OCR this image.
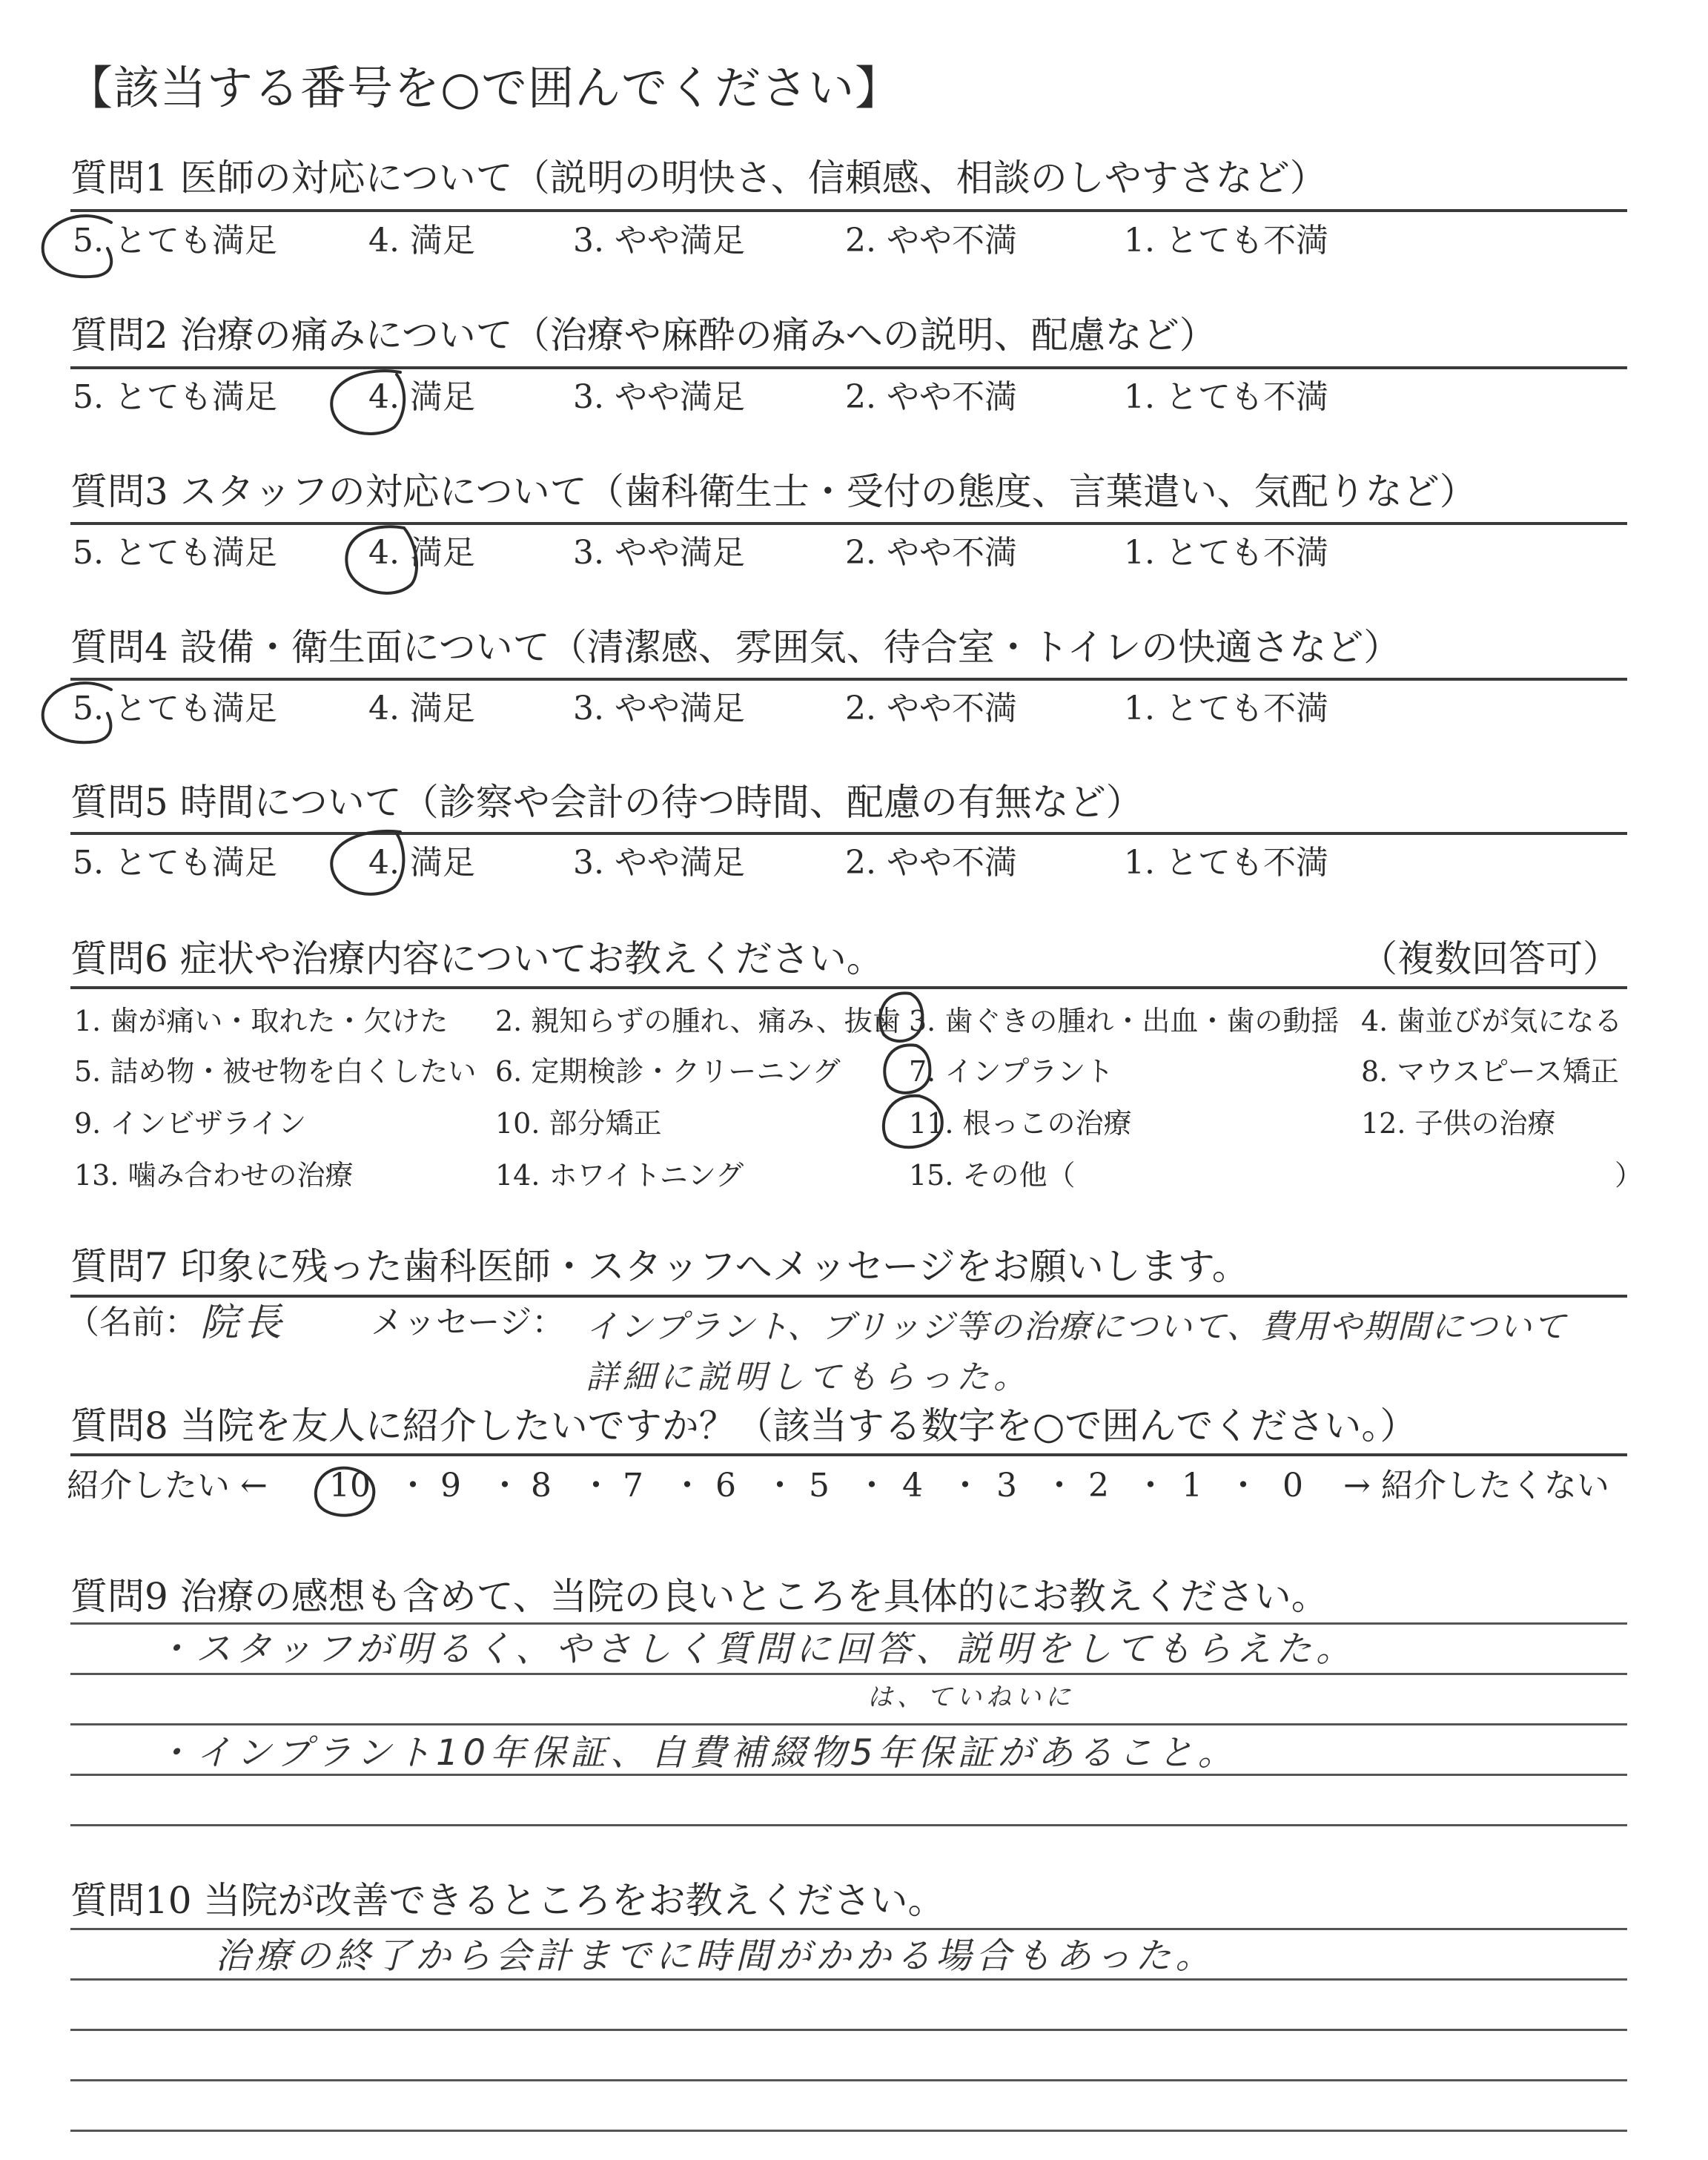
【該当する番号を○で囲んでください】
質問1 医師の対応について（説明の明快さ、信頼感、相談のしやすさなど）
5. とても満足	4. 満足	3. やや満足	2. やや不満	1. とても不満
質問2 治療の痛みについて（治療や麻酔の痛みへの説明、配慮など）
5. とても満足	4. 満足	3. やや満足	2. やや不満	1. とても不満
質問3 スタッフの対応について（歯科衛生士・受付の態度、言葉遣い、気配りなど）
5. とても満足	4. 満足	3. やや満足	2. やや不満	1. とても不満
質問4 設備・衛生面について（清潔感、雰囲気、待合室・トイレの快適さなど）
5. とても満足	4. 満足	3. やや満足	2. やや不満	1. とても不満
質問5 時間について（診察や会計の待つ時間、配慮の有無など）
5. とても満足	4. 満足	3. やや満足	2. やや不満	1. とても不満
質問6 症状や治療内容についてお教えください。	（複数回答可）
1. 歯が痛い・取れた・欠けた 2. 親知らずの腫れ、痛み、抜歯 3. 歯ぐきの腫れ・出血・歯の動揺 4. 歯並びが気になる
5. 詰め物・被せ物を白くしたい 6. 定期検診・クリーニング 7. インプラント	8. マウスピース矯正
9. インビザライン	10. 部分矯正	11. 根っこの治療	12. 子供の治療
13. 噛み合わせの治療	14. ホワイトニング	15. その他（	）
質問7 印象に残った歯科医師・スタッフへメッセージをお願いします。
（名前： 院長	メッセージ： インプラント、ブリッジ等の治療について、費用や期間について
詳細に説明してもらった。
質問8 当院を友人に紹介したいですか？（該当する数字を○で囲んでください。）
紹介したい ← 10 ・ 9 ・ 8 ・ 7 ・ 6 ・ 5 ・ 4 ・ 3 ・ 2 ・ 1 ・ 0 → 紹介したくない
質問9 治療の感想も含めて、当院の良いところを具体的にお教えください。
・スタッフが明るく、やさしく質問に回答、説明をしてもらえた。
は、ていねいに
・インプラント10年保証、自費補綴物5年保証があること。
質問10 当院が改善できるところをお教えください。
治療の終了から会計までに時間がかかる場合もあった。
